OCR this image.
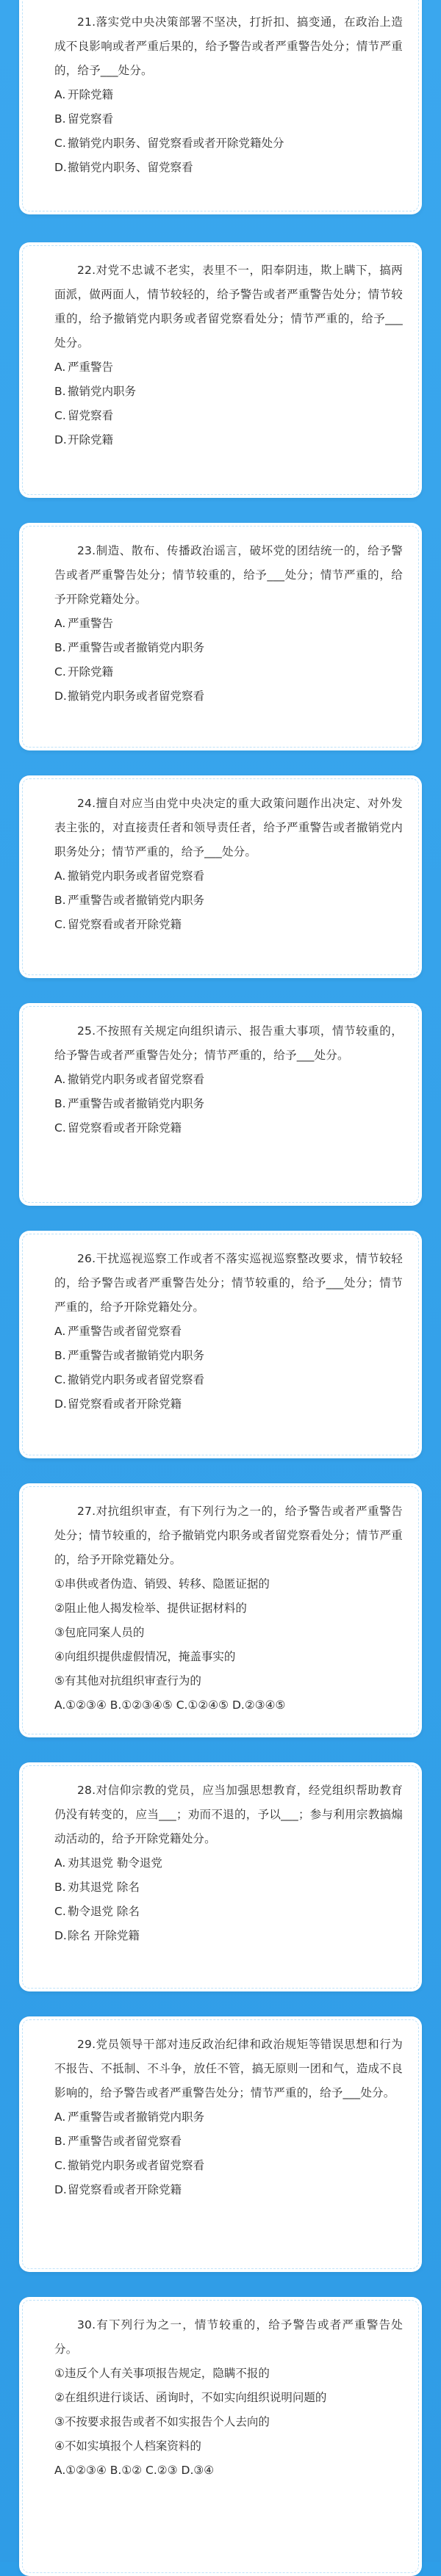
21.落实党中央决策部署不坚决，打折扣、搞变通，在政治上造成不良影响或者严重后果的，给予警告或者严重警告处分；情节严重的，给予___处分。

A. 开除党籍
B. 留党察看
C. 撤销党内职务、留党察看或者开除党籍处分
D.撤销党内职务、留党察看

22.对党不忠诚不老实，表里不一，阳奉阴违，欺上瞒下，搞两面派，做两面人，情节较轻的，给予警告或者严重警告处分；情节较重的，给予撤销党内职务或者留党察看处分；情节严重的，给予___处分。

A. 严重警告
B. 撤销党内职务
C. 留党察看
D.开除党籍

23.制造、散布、传播政治谣言，破坏党的团结统一的，给予警告或者严重警告处分；情节较重的，给予___处分；情节严重的，给予开除党籍处分。

A. 严重警告
B. 严重警告或者撤销党内职务
C. 开除党籍
D.撤销党内职务或者留党察看

24.擅自对应当由党中央决定的重大政策问题作出决定、对外发表主张的，对直接责任者和领导责任者，给予严重警告或者撤销党内职务处分；情节严重的，给予___处分。

A. 撤销党内职务或者留党察看
B. 严重警告或者撤销党内职务
C. 留党察看或者开除党籍

25.不按照有关规定向组织请示、报告重大事项，情节较重的，给予警告或者严重警告处分；情节严重的，给予___处分。

A. 撤销党内职务或者留党察看
B. 严重警告或者撤销党内职务
C. 留党察看或者开除党籍

26.干扰巡视巡察工作或者不落实巡视巡察整改要求，情节较轻的，给予警告或者严重警告处分；情节较重的，给予___处分；情节严重的，给予开除党籍处分。

A. 严重警告或者留党察看
B. 严重警告或者撤销党内职务
C. 撤销党内职务或者留党察看
D.留党察看或者开除党籍

27.对抗组织审查，有下列行为之一的，给予警告或者严重警告处分；情节较重的，给予撤销党内职务或者留党察看处分；情节严重的，给予开除党籍处分。

①串供或者伪造、销毁、转移、隐匿证据的
②阻止他人揭发检举、提供证据材料的
③包庇同案人员的
④向组织提供虚假情况，掩盖事实的
⑤有其他对抗组织审查行为的
A.①②③④ B.①②③④⑤ C.①②④⑤ D.②③④⑤

28.对信仰宗教的党员，应当加强思想教育，经党组织帮助教育仍没有转变的，应当___；劝而不退的，予以___；参与利用宗教搞煽动活动的，给予开除党籍处分。

A. 劝其退党 勒令退党
B. 劝其退党 除名
C. 勒令退党 除名
D.除名 开除党籍

29.党员领导干部对违反政治纪律和政治规矩等错误思想和行为不报告、不抵制、不斗争，放任不管，搞无原则一团和气，造成不良影响的，给予警告或者严重警告处分；情节严重的，给予___处分。

A. 严重警告或者撤销党内职务
B. 严重警告或者留党察看
C. 撤销党内职务或者留党察看
D.留党察看或者开除党籍

30.有下列行为之一，情节较重的，给予警告或者严重警告处分。

①违反个人有关事项报告规定，隐瞒不报的
②在组织进行谈话、函询时，不如实向组织说明问题的
③不按要求报告或者不如实报告个人去向的
④不如实填报个人档案资料的
A.①②③④ B.①② C.②③ D.③④
